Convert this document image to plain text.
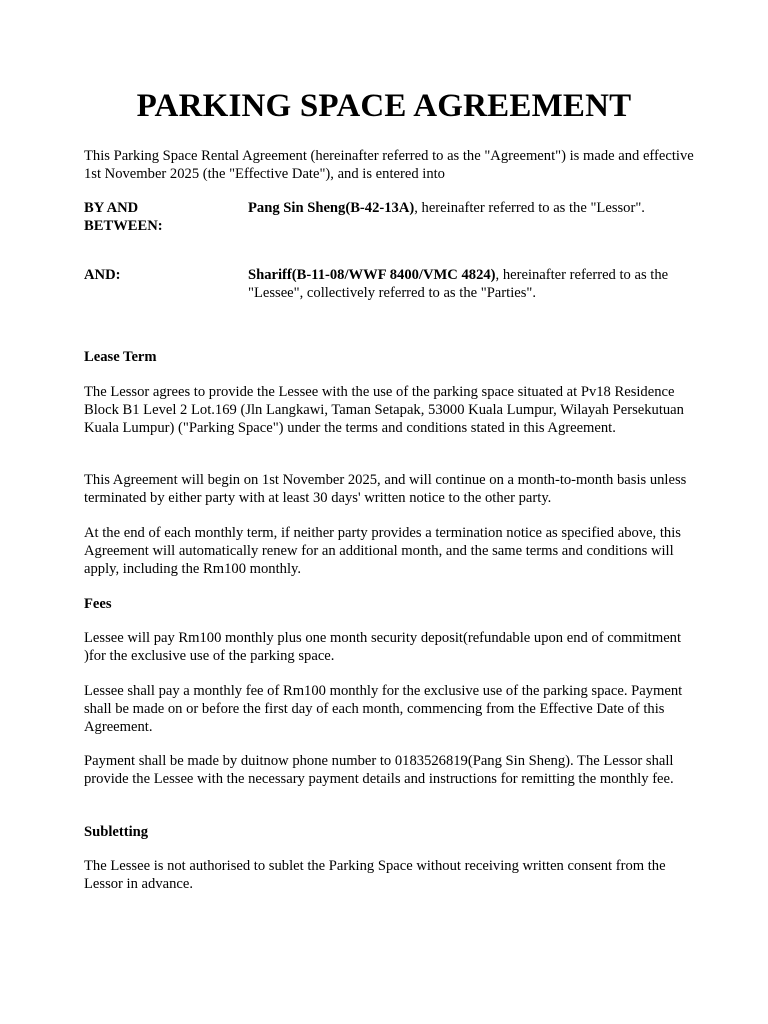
PARKING SPACE AGREEMENT
This Parking Space Rental Agreement (hereinafter referred to as the "Agreement") is made and effective 1st November 2025 (the "Effective Date"), and is entered into
BY AND BETWEEN:
Pang Sin Sheng(B-42-13A), hereinafter referred to as the "Lessor".
AND:	Shariff(B-11-08/WWF 8400/VMC 4824), hereinafter referred to as the "Lessee", collectively referred to as the "Parties".
Lease Term
The Lessor agrees to provide the Lessee with the use of the parking space situated at Pv18 Residence Block B1 Level 2 Lot.169 (Jln Langkawi, Taman Setapak, 53000 Kuala Lumpur, Wilayah Persekutuan Kuala Lumpur) ("Parking Space") under the terms and conditions stated in this Agreement.
This Agreement will begin on 1st November 2025, and will continue on a month-to-month basis unless terminated by either party with at least 30 days' written notice to the other party.
At the end of each monthly term, if neither party provides a termination notice as specified above, this Agreement will automatically renew for an additional month, and the same terms and conditions will apply, including the Rm100 monthly.
Fees
Lessee will pay Rm100 monthly plus one month security deposit(refundable upon end of commitment )for the exclusive use of the parking space.
Lessee shall pay a monthly fee of Rm100 monthly for the exclusive use of the parking space. Payment shall be made on or before the first day of each month, commencing from the Effective Date of this Agreement.
Payment shall be made by duitnow phone number to 0183526819(Pang Sin Sheng). The Lessor shall provide the Lessee with the necessary payment details and instructions for remitting the monthly fee.
Subletting
The Lessee is not authorised to sublet the Parking Space without receiving written consent from the Lessor in advance.
